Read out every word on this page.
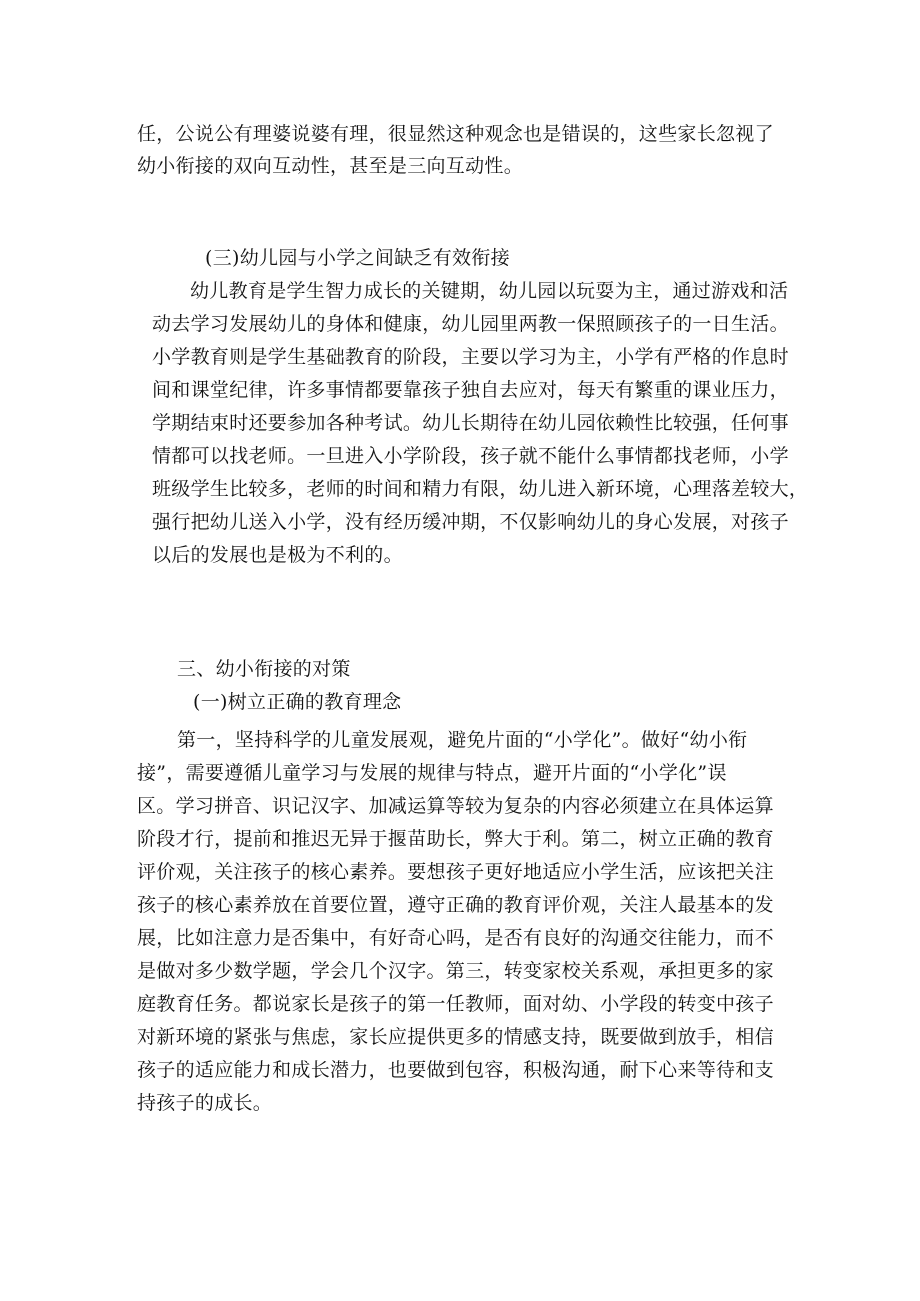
任，公说公有理婆说婆有理，很显然这种观念也是错误的，这些家长忽视了
幼小衔接的双向互动性，甚至是三向互动性。
(三)幼儿园与小学之间缺乏有效衔接
幼儿教育是学生智力成长的关键期，幼儿园以玩耍为主，通过游戏和活
动去学习发展幼儿的身体和健康，幼儿园里两教一保照顾孩子的一日生活。
小学教育则是学生基础教育的阶段，主要以学习为主，小学有严格的作息时
间和课堂纪律，许多事情都要靠孩子独自去应对，每天有繁重的课业压力，
学期结束时还要参加各种考试。幼儿长期待在幼儿园依赖性比较强，任何事
情都可以找老师。一旦进入小学阶段，孩子就不能什么事情都找老师，小学
班级学生比较多，老师的时间和精力有限，幼儿进入新环境，心理落差较大，
强行把幼儿送入小学，没有经历缓冲期，不仅影响幼儿的身心发展，对孩子
以后的发展也是极为不利的。
三、幼小衔接的对策
(一)树立正确的教育理念
第一，坚持科学的儿童发展观，避免片面的“小学化”。做好“幼小衔
接”，需要遵循儿童学习与发展的规律与特点，避开片面的“小学化”误
区。学习拼音、识记汉字、加减运算等较为复杂的内容必须建立在具体运算
阶段才行，提前和推迟无异于揠苗助长，弊大于利。第二，树立正确的教育
评价观，关注孩子的核心素养。要想孩子更好地适应小学生活，应该把关注
孩子的核心素养放在首要位置，遵守正确的教育评价观，关注人最基本的发
展，比如注意力是否集中，有好奇心吗，是否有良好的沟通交往能力，而不
是做对多少数学题，学会几个汉字。第三，转变家校关系观，承担更多的家
庭教育任务。都说家长是孩子的第一任教师，面对幼、小学段的转变中孩子
对新环境的紧张与焦虑，家长应提供更多的情感支持，既要做到放手，相信
孩子的适应能力和成长潜力，也要做到包容，积极沟通，耐下心来等待和支
持孩子的成长。
